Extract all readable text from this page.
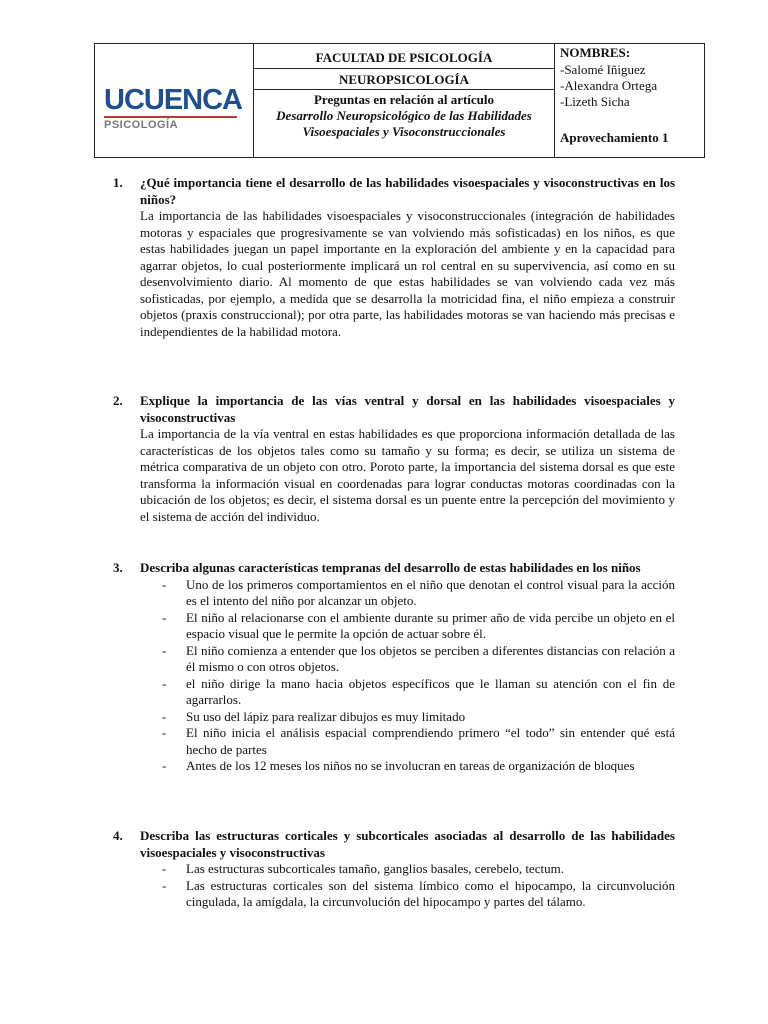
UCUENCA
PSICOLOGÍA
FACULTAD DE PSICOLOGÍA
NEUROPSICOLOGÍA
Preguntas en relación al artículo
Desarrollo Neuropsicológico de las Habilidades Visoespaciales y Visoconstruccionales
NOMBRES:
-Salomé Iñiguez
-Alexandra Ortega
-Lizeth Sicha
Aprovechamiento 1
1.	¿Qué importancia tiene el desarrollo de las habilidades visoespaciales y visoconstructivas en los niños?
La importancia de las habilidades visoespaciales y visoconstruccionales (integración de habilidades motoras y espaciales que progresivamente se van volviendo más sofisticadas) en los niños, es que estas habilidades juegan un papel importante en la exploración del ambiente y en la capacidad para agarrar objetos, lo cual posteriormente implicará un rol central en su supervivencia, así como en su desenvolvimiento diario. Al momento de que estas habilidades se van volviendo cada vez más sofisticadas, por ejemplo, a medida que se desarrolla la motricidad fina, el niño empieza a construir objetos (praxis construccional); por otra parte, las habilidades motoras se van haciendo más precisas e independientes de la habilidad motora.
2.	Explique la importancia de las vías ventral y dorsal en las habilidades visoespaciales y visoconstructivas
La importancia de la vía ventral en estas habilidades es que proporciona información detallada de las características de los objetos tales como su tamaño y su forma; es decir, se utiliza un sistema de métrica comparativa de un objeto con otro. Poroto parte, la importancia del sistema dorsal es que este transforma la información visual en coordenadas para lograr conductas motoras coordinadas con la ubicación de los objetos; es decir, el sistema dorsal es un puente entre la percepción del movimiento y el sistema de acción del individuo.
3.	Describa algunas características tempranas del desarrollo de estas habilidades en los niños
- Uno de los primeros comportamientos en el niño que denotan el control visual para la acción es el intento del niño por alcanzar un objeto.
- El niño al relacionarse con el ambiente durante su primer año de vida percibe un objeto en el espacio visual que le permite la opción de actuar sobre él.
- El niño comienza a entender que los objetos se perciben a diferentes distancias con relación a él mismo o con otros objetos.
- el niño dirige la mano hacia objetos específicos que le llaman su atención con el fin de agarrarlos.
- Su uso del lápiz para realizar dibujos es muy limitado
- El niño inicia el análisis espacial comprendiendo primero “el todo” sin entender qué está hecho de partes
- Antes de los 12 meses los niños no se involucran en tareas de organización de bloques
4.	Describa las estructuras corticales y subcorticales asociadas al desarrollo de las habilidades visoespaciales y visoconstructivas
- Las estructuras subcorticales tamaño, ganglios basales, cerebelo, tectum.
- Las estructuras corticales son del sistema límbico como el hipocampo, la circunvolución cingulada, la amígdala, la circunvolución del hipocampo y partes del tálamo.
